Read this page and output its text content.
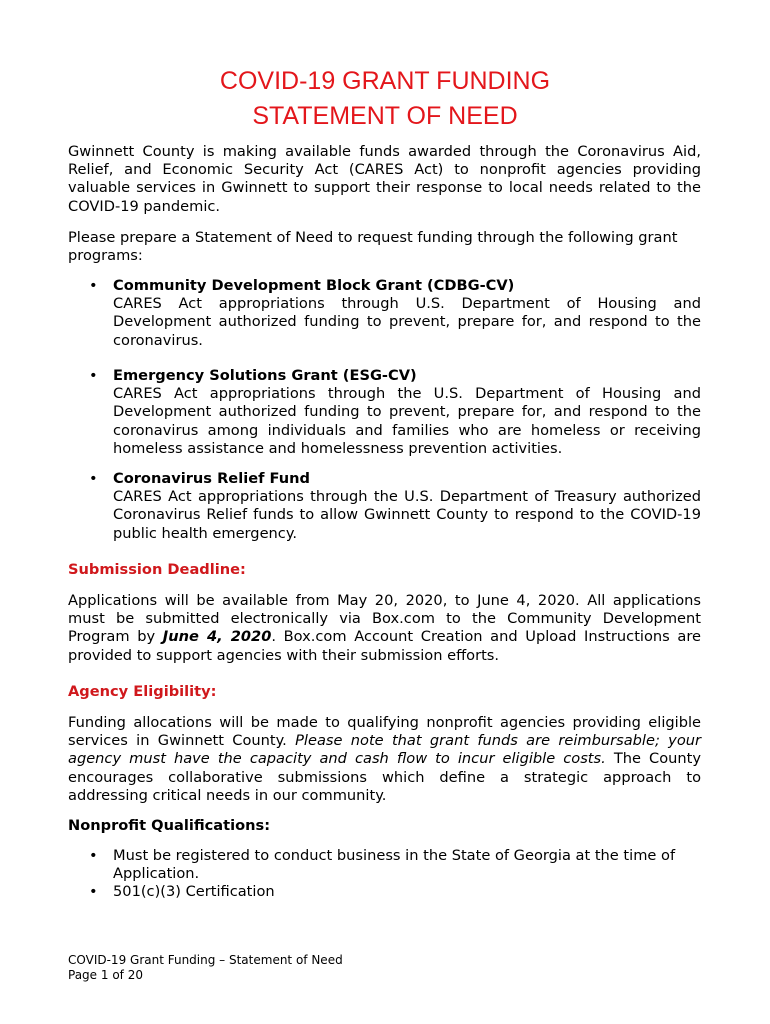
COVID-19 GRANT FUNDING
STATEMENT OF NEED
Gwinnett County is making available funds awarded through the Coronavirus Aid, Relief, and Economic Security Act (CARES Act) to nonprofit agencies providing valuable services in Gwinnett to support their response to local needs related to the COVID-19 pandemic.
Please prepare a Statement of Need to request funding through the following grant programs:
• Community Development Block Grant (CDBG-CV)
CARES Act appropriations through U.S. Department of Housing and Development authorized funding to prevent, prepare for, and respond to the coronavirus.
• Emergency Solutions Grant (ESG-CV)
CARES Act appropriations through the U.S. Department of Housing and Development authorized funding to prevent, prepare for, and respond to the coronavirus among individuals and families who are homeless or receiving homeless assistance and homelessness prevention activities.
• Coronavirus Relief Fund
CARES Act appropriations through the U.S. Department of Treasury authorized Coronavirus Relief funds to allow Gwinnett County to respond to the COVID-19 public health emergency.
Submission Deadline:
Applications will be available from May 20, 2020, to June 4, 2020. All applications must be submitted electronically via Box.com to the Community Development Program by June 4, 2020. Box.com Account Creation and Upload Instructions are provided to support agencies with their submission efforts.
Agency Eligibility:
Funding allocations will be made to qualifying nonprofit agencies providing eligible services in Gwinnett County. Please note that grant funds are reimbursable; your agency must have the capacity and cash flow to incur eligible costs. The County encourages collaborative submissions which define a strategic approach to addressing critical needs in our community.
Nonprofit Qualifications:
• Must be registered to conduct business in the State of Georgia at the time of Application.
• 501(c)(3) Certification
COVID-19 Grant Funding – Statement of Need
Page 1 of 20
